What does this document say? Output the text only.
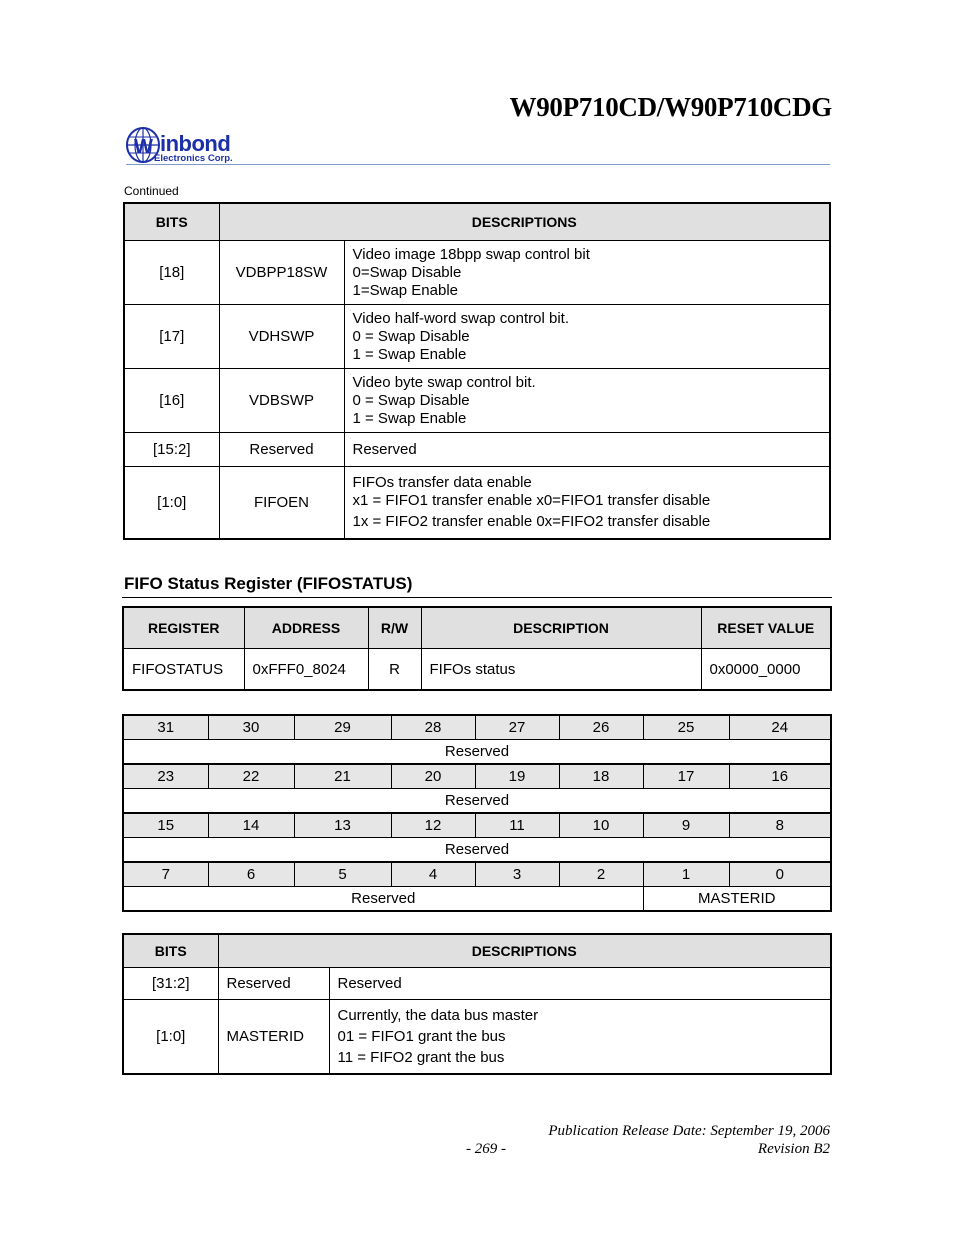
W90P710CD/W90P710CDG
W inbond
Electronics Corp.
Continued
BITS	DESCRIPTIONS	
[18]	VDBPP18SW	Video image 18bpp swap control bit
0=Swap Disable
1=Swap Enable

[17]	VDHSWP	Video half-word swap control bit.
0 = Swap Disable
1 = Swap Enable

[16]	VDBSWP	Video byte swap control bit.
0 = Swap Disable
1 = Swap Enable

[15:2]	Reserved	Reserved

[1:0]	FIFOEN	FIFOs transfer data enable
x1 = FIFO1 transfer enable x0=FIFO1 transfer disable
1x = FIFO2 transfer enable 0x=FIFO2 transfer disable
FIFO Status Register (FIFOSTATUS)
REGISTER	ADDRESS	R/W	DESCRIPTION	RESET VALUE
FIFOSTATUS	0xFFF0_8024	R	FIFOs status	0x0000_0000
31	30	29	28	27	26	25	24
Reserved							
23	22	21	20	19	18	17	16
Reserved							
15	14	13	12	11	10	9	8
Reserved							
7	6	5	4	3	2	1	0
Reserved						MASTERID	
BITS	DESCRIPTIONS	
[31:2]	Reserved	Reserved

[1:0]	MASTERID	Currently, the data bus master
01 = FIFO1 grant the bus
11 = FIFO2 grant the bus
Publication Release Date: September 19, 2006
- 269 -	Revision B2
